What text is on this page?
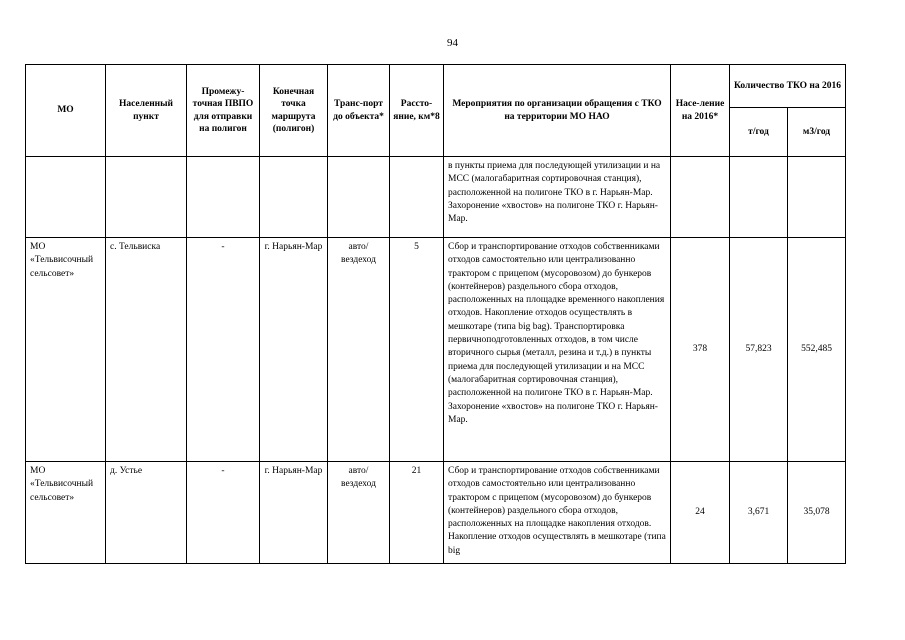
94
МО	Населенный пункт	Промежу-точная ПВПО для отправки на полигон	Конечная точка маршрута (полигон)	Транс-порт до объекта*	Рассто-яние, км*8	Мероприятия по организации обращения с ТКО на территории МО НАО	Насе-ление на 2016*	Количество ТКО на 2016	
								т/год	м3/год
						в пункты приема для последующей утилизации и на МСС (малогабаритная сортировочная станция), расположенной на полигоне ТКО в г. Нарьян-Мар. Захоронение «хвостов» на полигоне ТКО г. Нарьян-Мар.			
МО «Тельвисочный сельсовет»	с. Тельвиска	-	г. Нарьян-Мар	авто/вездеход	5	Сбор и транспортирование отходов собственниками отходов самостоятельно или централизованно трактором с прицепом (мусоровозом) до бункеров (контейнеров) раздельного сбора отходов, расположенных на площадке временного накопления отходов. Накопление отходов осуществлять в мешкотаре (типа big bag). Транспортировка первичноподготовленных отходов, в том числе вторичного сырья (металл, резина и т.д.) в пункты приема для последующей утилизации и на МСС (малогабаритная сортировочная станция), расположенной на полигоне ТКО в г. Нарьян-Мар. Захоронение «хвостов» на полигоне ТКО г. Нарьян-Мар.	378	57,823	552,485
МО «Тельвисочный сельсовет»	д. Устье	-	г. Нарьян-Мар	авто/вездеход	21	Сбор и транспортирование отходов собственниками отходов самостоятельно или централизованно трактором с прицепом (мусоровозом) до бункеров (контейнеров) раздельного сбора отходов, расположенных на площадке накопления отходов. Накопление отходов осуществлять в мешкотаре (типа big	24	3,671	35,078
